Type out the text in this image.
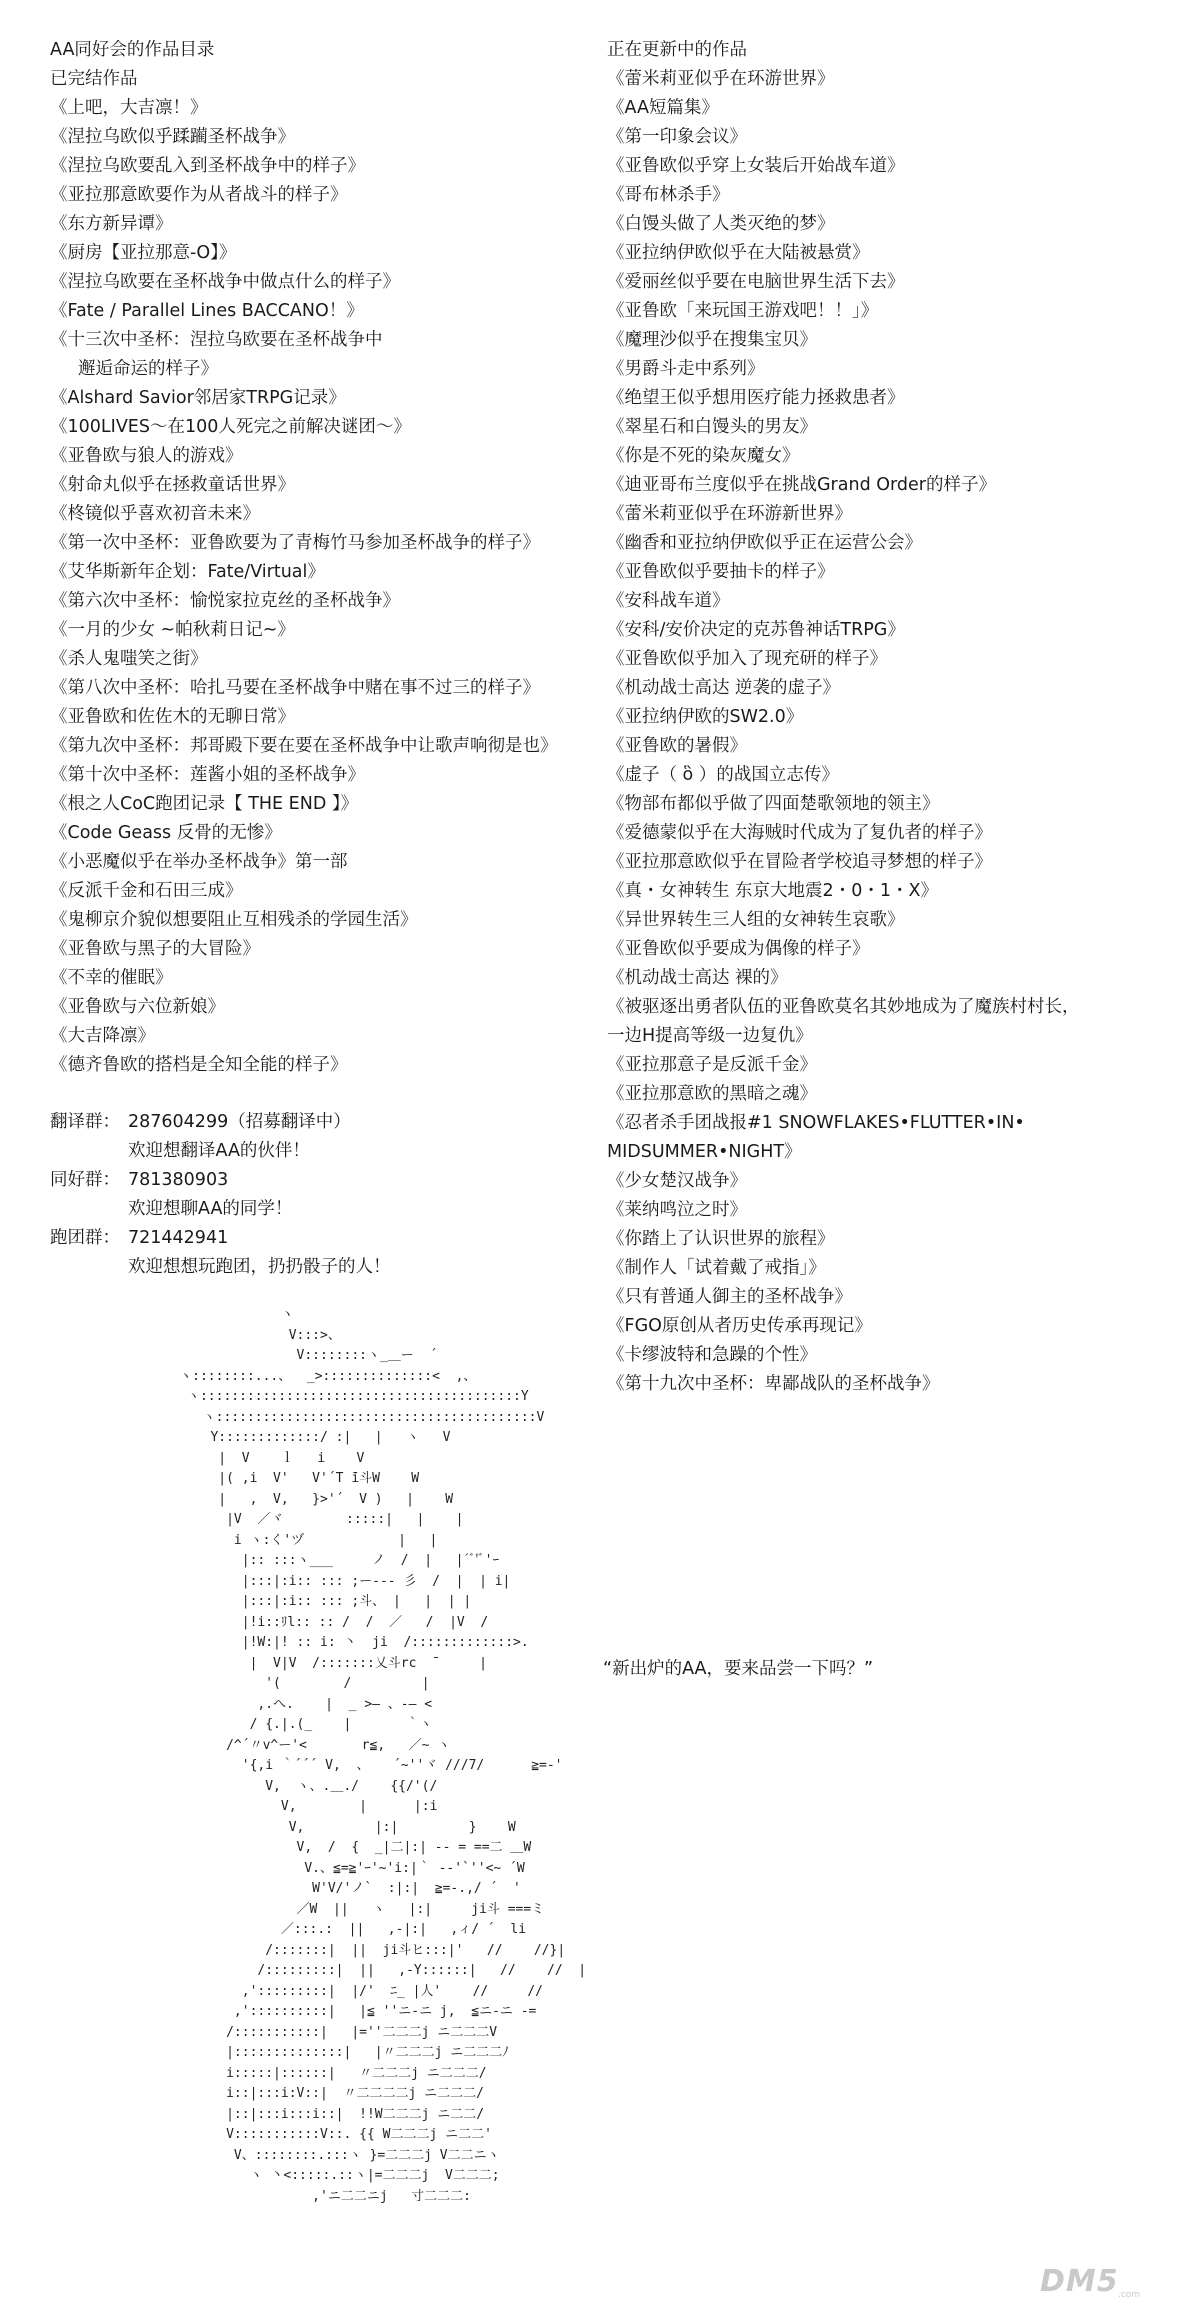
AA同好会的作品目录
已完结作品
《上吧，大吉凛！》
《涅拉乌欧似乎蹂躏圣杯战争》
《涅拉乌欧要乱入到圣杯战争中的样子》
《亚拉那意欧要作为从者战斗的样子》
《东方新异谭》
《厨房【亚拉那意-O】》
《涅拉乌欧要在圣杯战争中做点什么的样子》
《Fate / Parallel Lines BACCANO！》
《十三次中圣杯：涅拉乌欧要在圣杯战争中
邂逅命运的样子》
《Alshard Savior邻居家TRPG记录》
《100LIVES～在100人死完之前解决谜团～》
《亚鲁欧与狼人的游戏》
《射命丸似乎在拯救童话世界》
《柊镜似乎喜欢初音未来》
《第一次中圣杯：亚鲁欧要为了青梅竹马参加圣杯战争的样子》
《艾华斯新年企划：Fate/Virtual》
《第六次中圣杯：愉悦家拉克丝的圣杯战争》
《一月的少女 ~帕秋莉日记~》
《杀人鬼嗤笑之街》
《第八次中圣杯：哈扎马要在圣杯战争中赌在事不过三的样子》
《亚鲁欧和佐佐木的无聊日常》
《第九次中圣杯：邦哥殿下要在要在圣杯战争中让歌声响彻是也》
《第十次中圣杯：莲酱小姐的圣杯战争》
《根之人CoC跑团记录【 THE END 】》
《Code Geass 反骨的无惨》
《小恶魔似乎在举办圣杯战争》第一部
《反派千金和石田三成》
《鬼柳京介貌似想要阻止互相残杀的学园生活》
《亚鲁欧与黑子的大冒险》
《不幸的催眠》
《亚鲁欧与六位新娘》
《大吉降凛》
《德齐鲁欧的搭档是全知全能的样子》
翻译群： 287604299（招募翻译中）
欢迎想翻译AA的伙伴！
同好群： 781380903
欢迎想聊AA的同学！
跑团群： 721442941
欢迎想想玩跑团，扔扔骰子的人！
正在更新中的作品
《蕾米莉亚似乎在环游世界》
《AA短篇集》
《第一印象会议》
《亚鲁欧似乎穿上女装后开始战车道》
《哥布林杀手》
《白馒头做了人类灭绝的梦》
《亚拉纳伊欧似乎在大陆被悬赏》
《爱丽丝似乎要在电脑世界生活下去》
《亚鲁欧「来玩国王游戏吧！！」》
《魔理沙似乎在搜集宝贝》
《男爵斗走中系列》
《绝望王似乎想用医疗能力拯救患者》
《翠星石和白馒头的男友》
《你是不死的染灰魔女》
《迪亚哥布兰度似乎在挑战Grand Order的样子》
《蕾米莉亚似乎在环游新世界》
《幽香和亚拉纳伊欧似乎正在运营公会》
《亚鲁欧似乎要抽卡的样子》
《安科战车道》
《安科/安价决定的克苏鲁神话TRPG》
《亚鲁欧似乎加入了现充研的样子》
《机动战士高达 逆袭的虚子》
《亚拉纳伊欧的SW2.0》
《亚鲁欧的暑假》
《虚子（ ὃ ）的战国立志传》
《物部布都似乎做了四面楚歌领地的领主》
《爱德蒙似乎在大海贼时代成为了复仇者的样子》
《亚拉那意欧似乎在冒险者学校追寻梦想的样子》
《真・女神转生 东京大地震2・0・1・X》
《异世界转生三人组的女神转生哀歌》
《亚鲁欧似乎要成为偶像的样子》
《机动战士高达 裸的》
《被驱逐出勇者队伍的亚鲁欧莫名其妙地成为了魔族村村长，
一边H提高等级一边复仇》
《亚拉那意子是反派千金》
《亚拉那意欧的黑暗之魂》
《忍者杀手团战报#1 SNOWFLAKES•FLUTTER•IN•
MIDSUMMER•NIGHT》
《少女楚汉战争》
《莱纳鸣泣之时》
《你踏上了认识世界的旅程》
《制作人「试着戴了戒指」》
《只有普通人御主的圣杯战争》
《FGO原创从者历史传承再现记》
《卡缪波特和急躁的个性》
《第十九次中圣杯：卑鄙战队的圣杯战争》
ヽ
V:::>、
V::::::::ヽ_＿ー  ´
ヽ::::::::...、  _>::::::::::::::<  ,、
ヽ:::::::::::::::::::::::::::::::::::::::::Y
ヽ:::::::::::::::::::::::::::::::::::::::::V
Y:::::::::::::/ :|   |   ヽ   V
|  V    ｌ   i    V
|( ,i  V'   V'´T ̄i斗W    W
|   ,  V,   }>'´  V )   |    W
|V  ／ヾ        :::::|   |    |
i ヽ:く'ヅ            |   |
|:: :::ヽ___     ノ  /  |   |´ﾞ'ﾞ'ｰ
|:::|:i:: ::: ;ー‐‐‐ 彡  /  |  | i|
|:::|:i:: ::: ;斗、 |   |  | |
|!i::ﾘl:: :: /  /  ／   /  |V  /
|!W:|! :: i: 丶  ji  /:::::::::::::>.
|  V|V  /:::::::乂斗rc  ̄      |
'(        /         |
,.へ.    |  _ >― 、-― <
/ {.|.(_    |       ｀ヽ
/^´〃v^ー'<       r≦,   ／~ ヽ
'{,i ｀´´´ V,  、   ´~''ヾ ///7/      ≧=-'
V,  ヽ、.＿./    {{/'(/
V,        |      |:i
V,         |:|         }    W
V,  /  {  _|二|:| ‐‐ = ==二 ＿W
V.、≦=≧'ｰ'~'i:|｀ ‐‐'`''<~ ´W
W'V/'ノ`  :|:|  ≧=-.,/ ´  '
／W  ||   ヽ   |:|     ji斗 ===ミ
／:::.:  ||   ,‐|:|   ,ィ/ ´  li
/:::::::|  ||  ji斗ヒ:::|'   //    //}|
/:::::::::|  ||   ,‐Y::::::|   //    //  |
,':::::::::|  |/'  ﾆ_ |人'    //     //
,'::::::::::|   |≦ ''ニ‐ニ j,  ≦ニ‐ニ ‐=
/:::::::::::|   |=''二二二j ニ二二二V
|::::::::::::::|   |〃二二二j ニ二二二ﾉ
i:::::|::::::|   〃二二二j ニ二二二/
i::|:::i:V::|  〃二二二二j ニ二二二/
|::|:::i:::i::|  !!W二二二j ニ二二/
V:::::::::::V::. {{ W二二二j ニ二二'
V、::::::::.:::ヽ }=二二二j V二二ニヽ
ヽ 丶<:::::.::ヽ|=二二二j  V二二二;
,'ニ二二ニj   寸二二二:
“新出炉的AA，要来品尝一下吗？”
DM5 .com
